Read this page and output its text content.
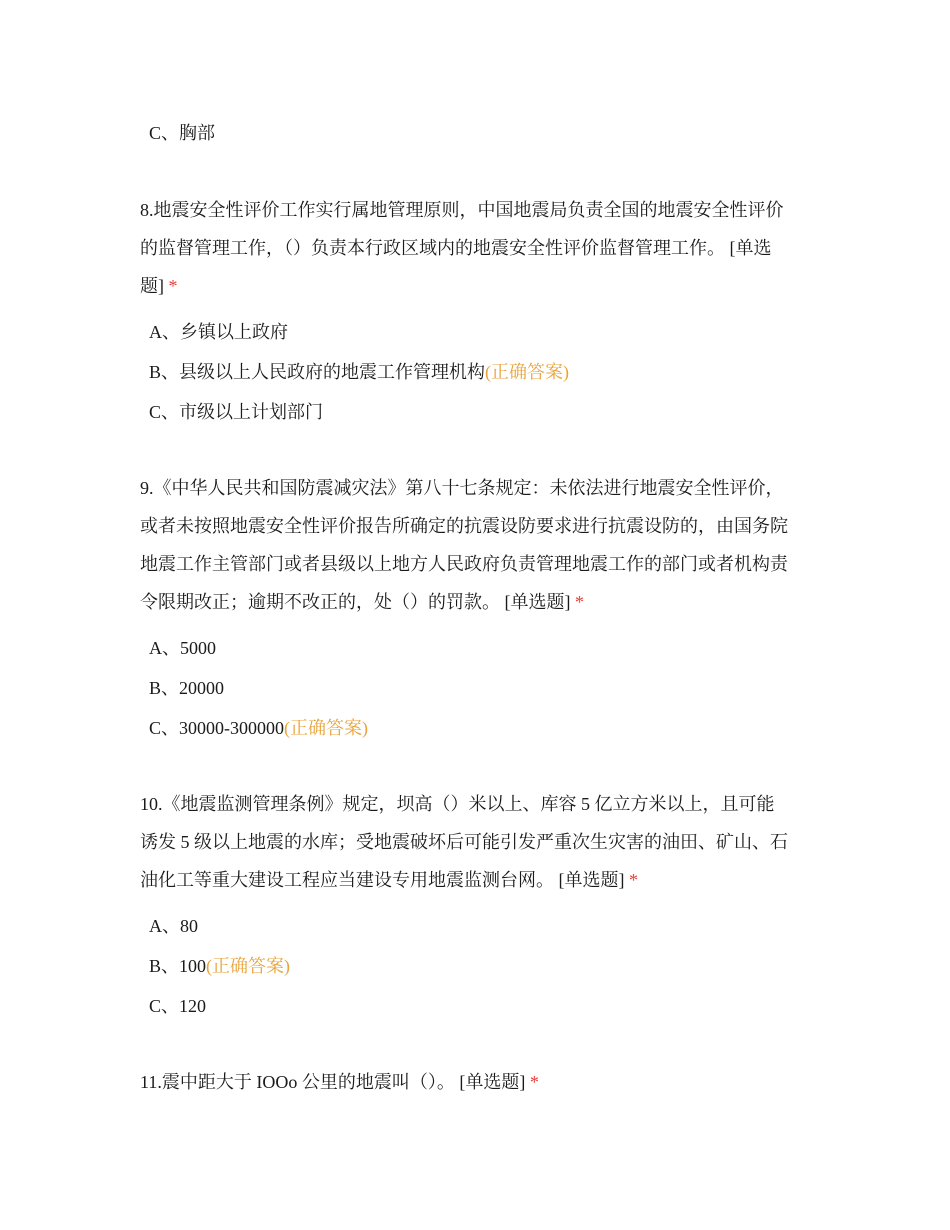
C、胸部
8.地震安全性评价工作实行属地管理原则，中国地震局负责全国的地震安全性评价
的监督管理工作，（）负责本行政区域内的地震安全性评价监督管理工作。 [单选
题] *
A、乡镇以上政府
B、县级以上人民政府的地震工作管理机构(正确答案)
C、市级以上计划部门
9.《中华人民共和国防震减灾法》第八十七条规定：未依法进行地震安全性评价，
或者未按照地震安全性评价报告所确定的抗震设防要求进行抗震设防的，由国务院
地震工作主管部门或者县级以上地方人民政府负责管理地震工作的部门或者机构责
令限期改正；逾期不改正的，处（）的罚款。 [单选题] *
A、5000
B、20000
C、30000-300000(正确答案)
10.《地震监测管理条例》规定，坝高（）米以上、库容 5 亿立方米以上，且可能
诱发 5 级以上地震的水库；受地震破坏后可能引发严重次生灾害的油田、矿山、石
油化工等重大建设工程应当建设专用地震监测台网。 [单选题] *
A、80
B、100(正确答案)
C、120
11.震中距大于 IOOo 公里的地震叫（）。 [单选题] *
